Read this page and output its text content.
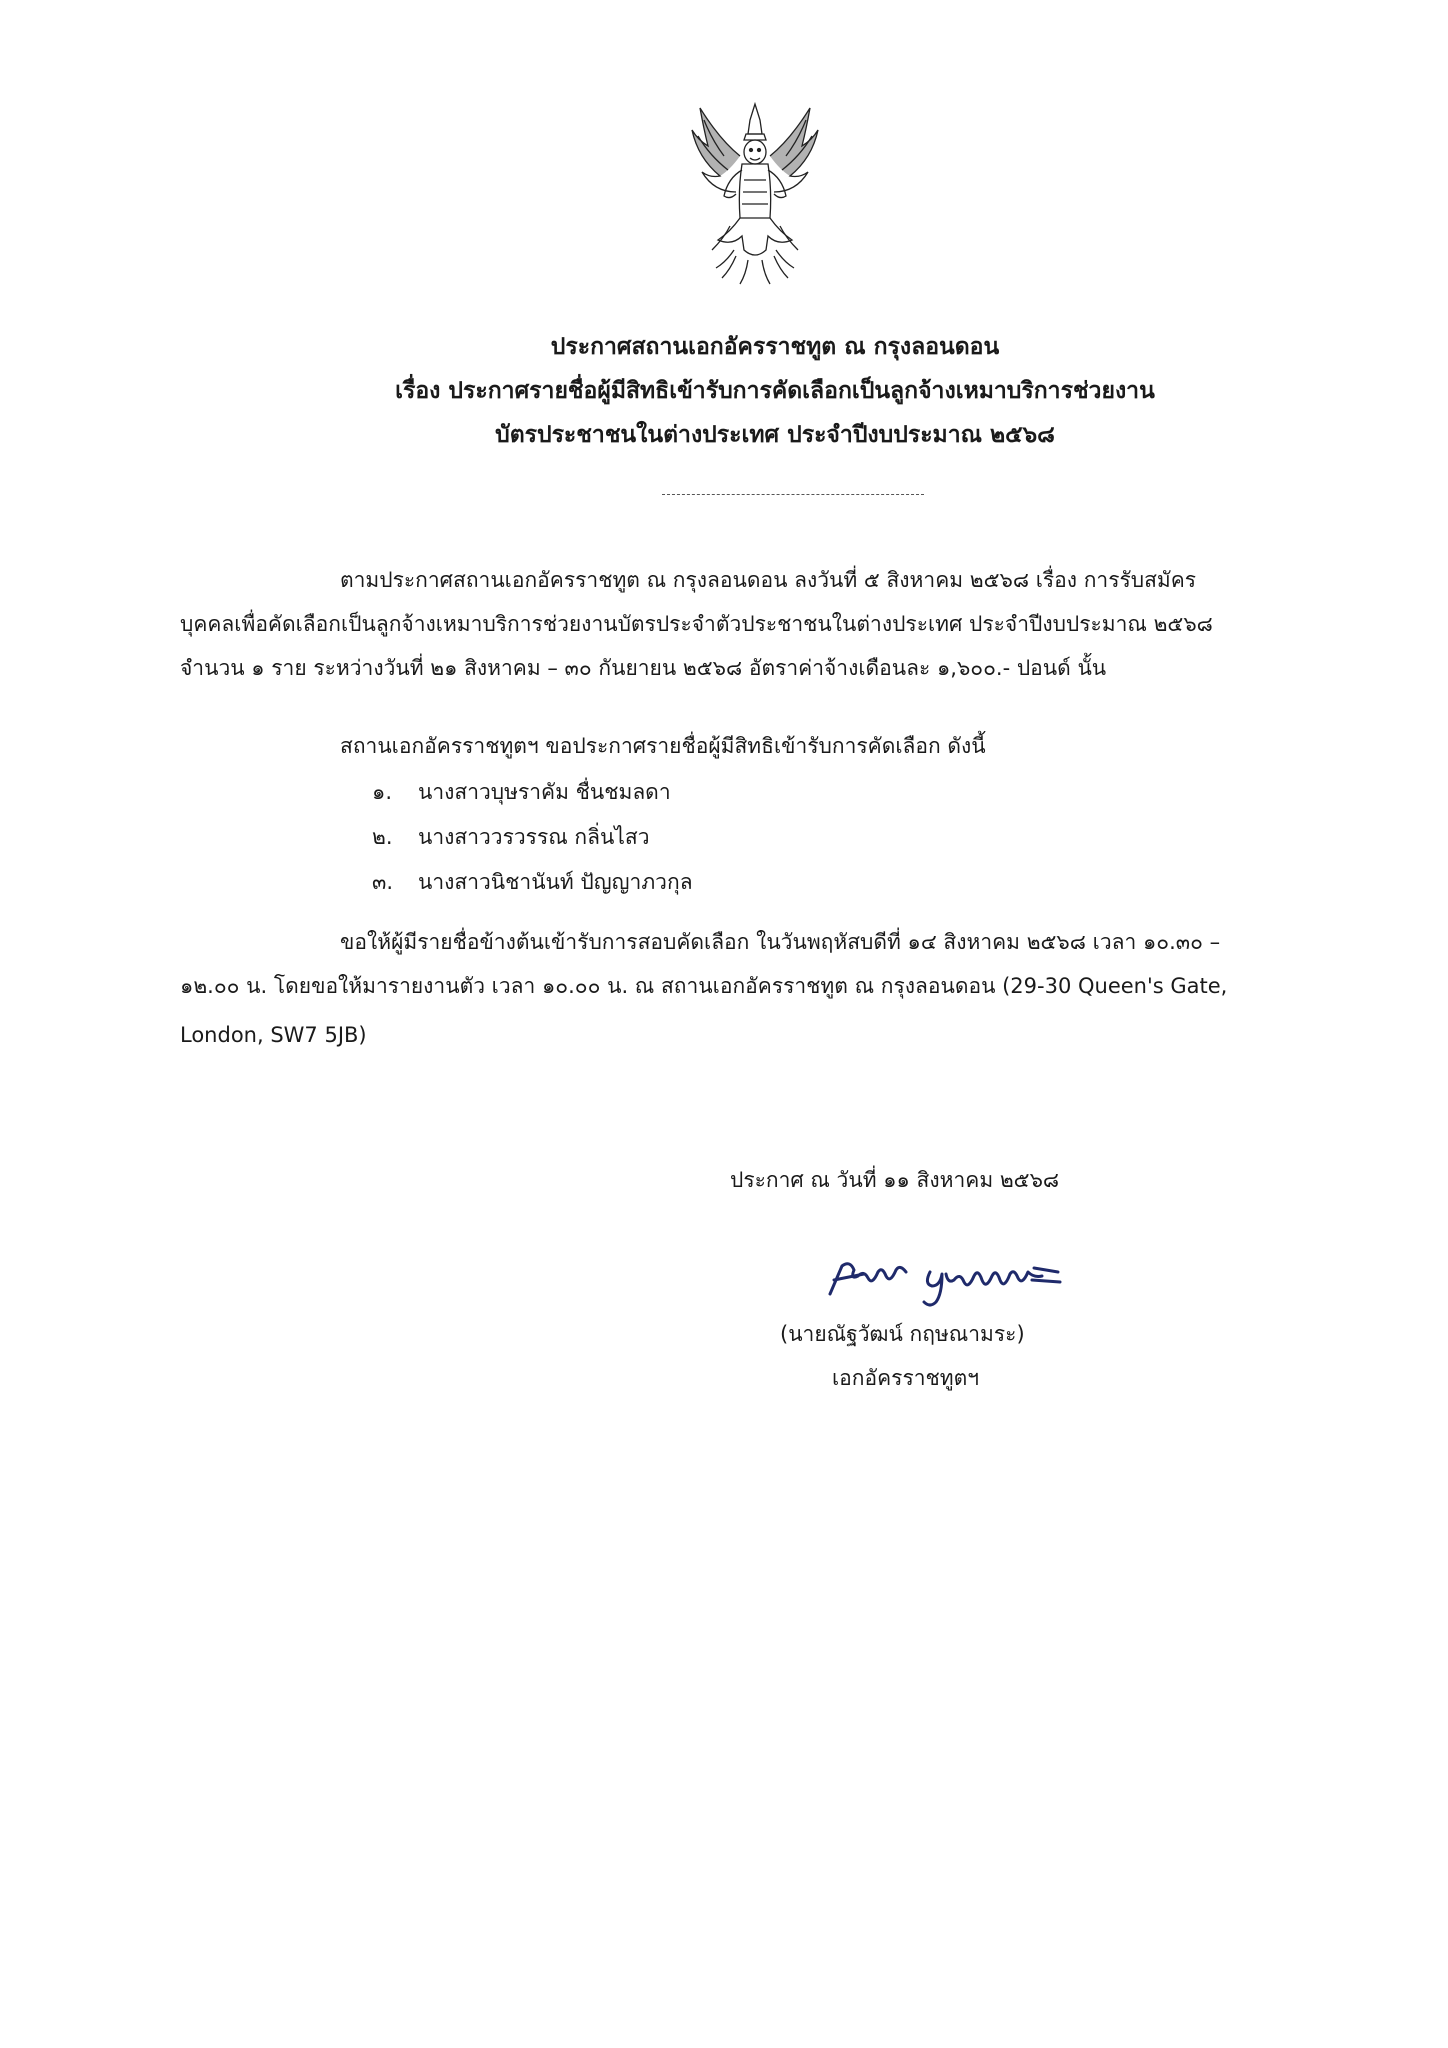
ประกาศสถานเอกอัครราชทูต ณ กรุงลอนดอน
เรื่อง ประกาศรายชื่อผู้มีสิทธิเข้ารับการคัดเลือกเป็นลูกจ้างเหมาบริการช่วยงาน
บัตรประชาชนในต่างประเทศ ประจำปีงบประมาณ ๒๕๖๘
ตามประกาศสถานเอกอัครราชทูต ณ กรุงลอนดอน ลงวันที่ ๕ สิงหาคม ๒๕๖๘ เรื่อง การรับสมัคร
บุคคลเพื่อคัดเลือกเป็นลูกจ้างเหมาบริการช่วยงานบัตรประจำตัวประชาชนในต่างประเทศ ประจำปีงบประมาณ ๒๕๖๘
จำนวน ๑ ราย ระหว่างวันที่ ๒๑ สิงหาคม – ๓๐ กันยายน ๒๕๖๘ อัตราค่าจ้างเดือนละ ๑,๖๐๐.- ปอนด์ นั้น
สถานเอกอัครราชทูตฯ ขอประกาศรายชื่อผู้มีสิทธิเข้ารับการคัดเลือก ดังนี้
๑. นางสาวบุษราคัม ชื่นชมลดา
๒. นางสาววรวรรณ กลิ่นไสว
๓. นางสาวนิชานันท์ ปัญญาภวกุล
ขอให้ผู้มีรายชื่อข้างต้นเข้ารับการสอบคัดเลือก ในวันพฤหัสบดีที่ ๑๔ สิงหาคม ๒๕๖๘ เวลา ๑๐.๓๐ –
๑๒.๐๐ น. โดยขอให้มารายงานตัว เวลา ๑๐.๐๐ น. ณ สถานเอกอัครราชทูต ณ กรุงลอนดอน (29-30 Queen's Gate,
London, SW7 5JB)
ประกาศ ณ วันที่ ๑๑ สิงหาคม ๒๕๖๘
(นายณัฐวัฒน์ กฤษณามระ)
เอกอัครราชทูตฯ
